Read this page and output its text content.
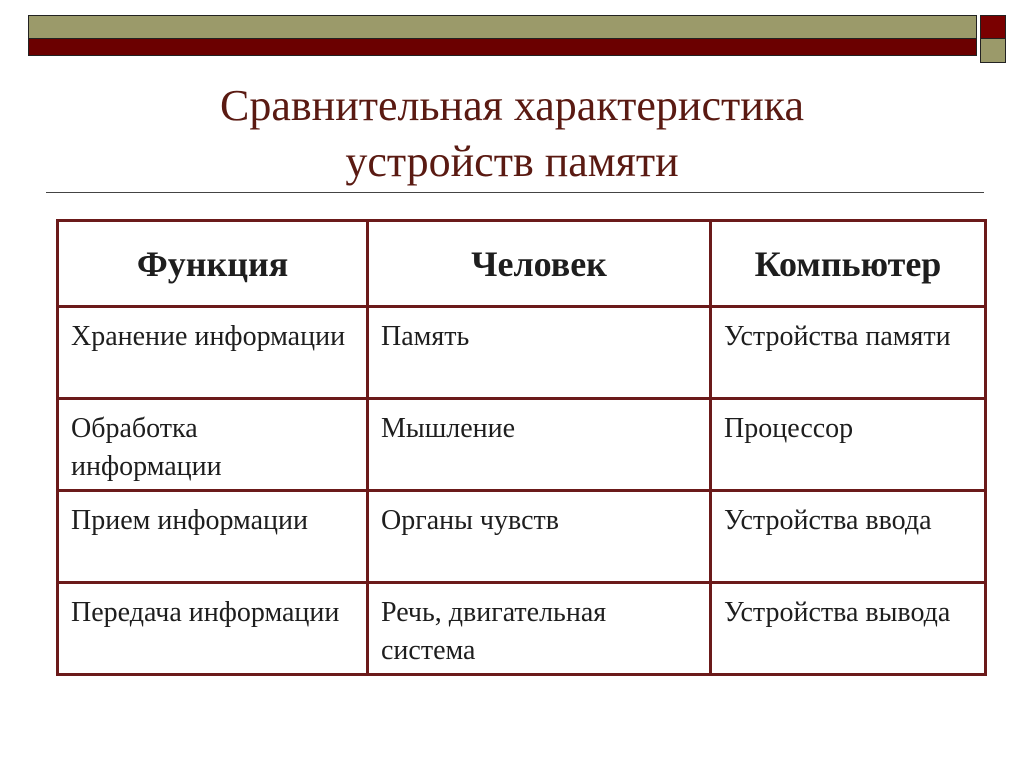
Сравнительная характеристика
устройств памяти
Функция	Человек	Компьютер
Хранение информации	Память	Устройства памяти
Обработка информации	Мышление	Процессор
Прием информации	Органы чувств	Устройства ввода
Передача информации	Речь, двигательная система	Устройства вывода
